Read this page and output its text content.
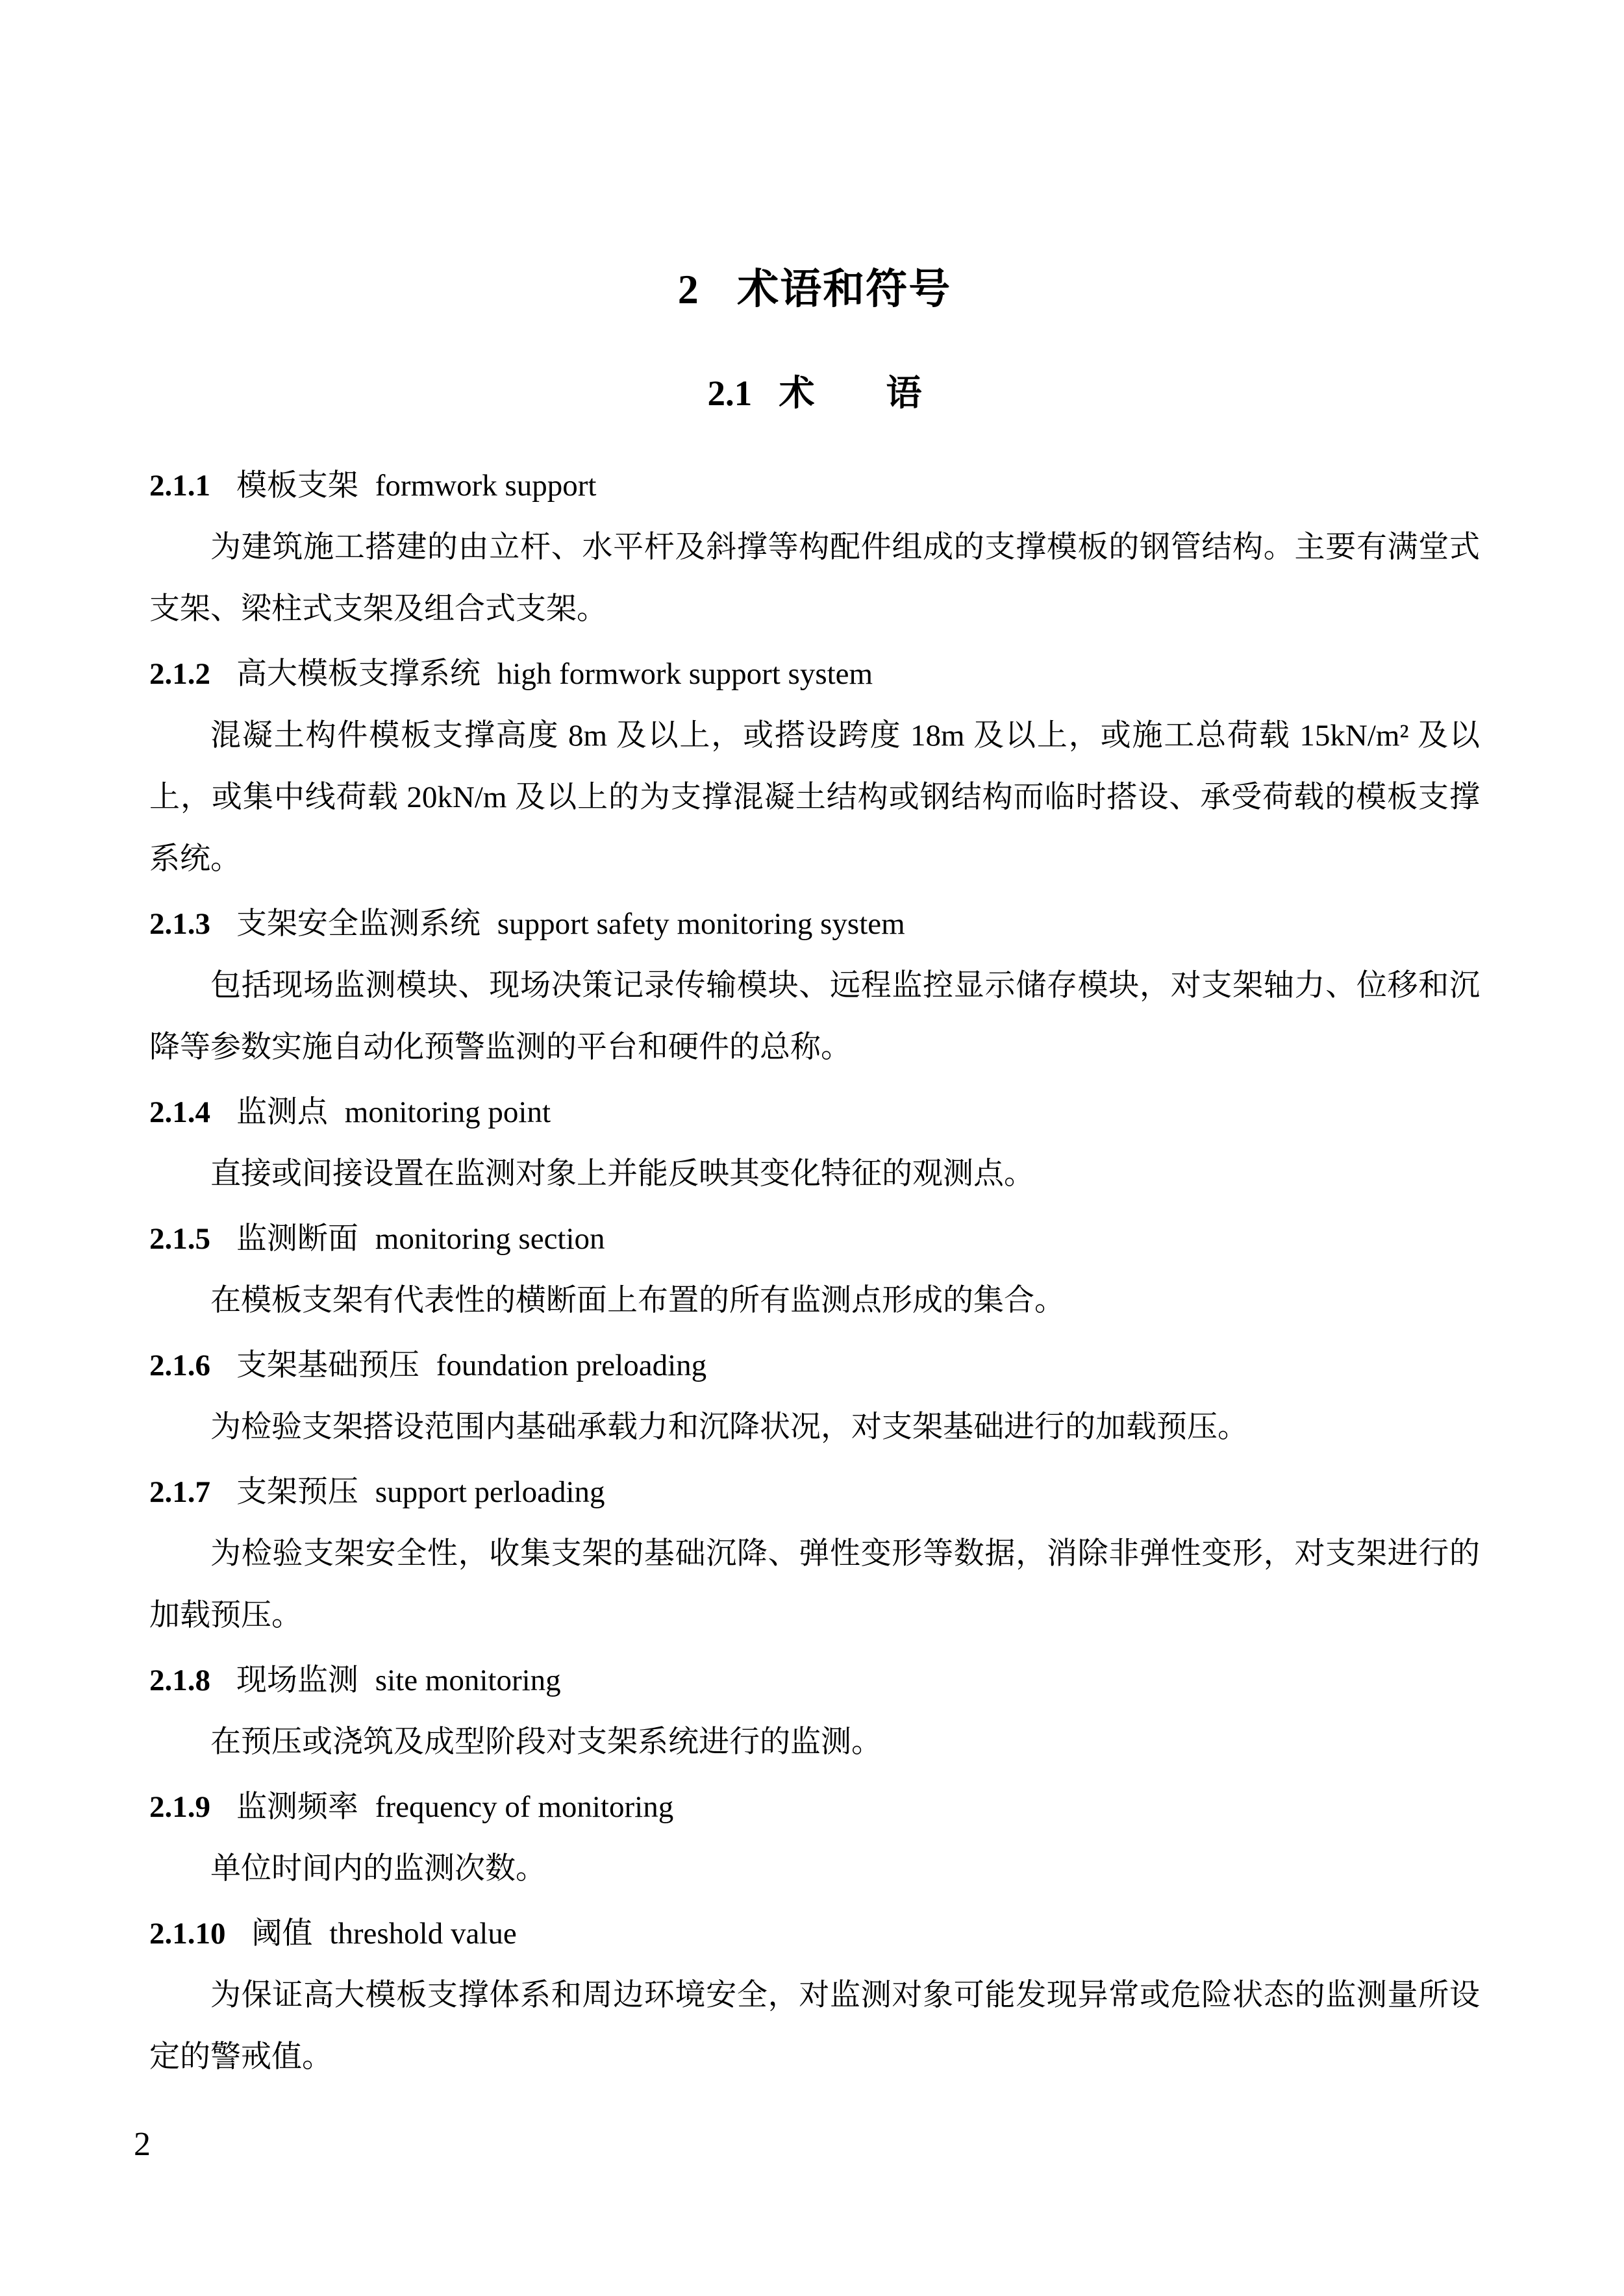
2 术语和符号
2.1 术　　语
2.1.1 模板支架 formwork support

为建筑施工搭建的由立杆、水平杆及斜撑等构配件组成的支撑模板的钢管结构。主要有满堂式支架、梁柱式支架及组合式支架。

2.1.2 高大模板支撑系统 high formwork support system

混凝土构件模板支撑高度 8m 及以上，或搭设跨度 18m 及以上，或施工总荷载 15kN/m² 及以上，或集中线荷载 20kN/m 及以上的为支撑混凝土结构或钢结构而临时搭设、承受荷载的模板支撑系统。

2.1.3 支架安全监测系统 support safety monitoring system

包括现场监测模块、现场决策记录传输模块、远程监控显示储存模块，对支架轴力、位移和沉降等参数实施自动化预警监测的平台和硬件的总称。

2.1.4 监测点 monitoring point

直接或间接设置在监测对象上并能反映其变化特征的观测点。

2.1.5 监测断面 monitoring section

在模板支架有代表性的横断面上布置的所有监测点形成的集合。

2.1.6 支架基础预压 foundation preloading

为检验支架搭设范围内基础承载力和沉降状况，对支架基础进行的加载预压。

2.1.7 支架预压 support perloading

为检验支架安全性，收集支架的基础沉降、弹性变形等数据，消除非弹性变形，对支架进行的加载预压。

2.1.8 现场监测 site monitoring

在预压或浇筑及成型阶段对支架系统进行的监测。

2.1.9 监测频率 frequency of monitoring

单位时间内的监测次数。

2.1.10 阈值 threshold value

为保证高大模板支撑体系和周边环境安全，对监测对象可能发现异常或危险状态的监测量所设定的警戒值。

2
